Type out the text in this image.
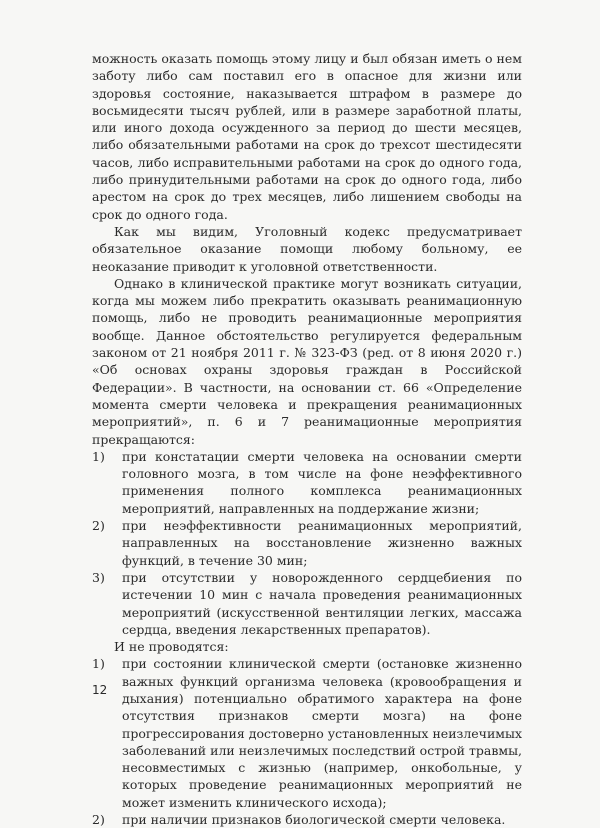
можность оказать помощь этому лицу и был обязан иметь о нем заботу либо сам поставил его в опасное для жизни или здоровья состояние, наказывается штрафом в размере до восьмидесяти тысяч рублей, или в размере заработной платы, или иного дохода осужденного за период до шести месяцев, либо обязательными работами на срок до трехсот шестидесяти часов, либо исправительными работами на срок до одного года, либо принудительными работами на срок до одного года, либо арестом на срок до трех месяцев, либо лишением свободы на срок до одного года.

Как мы видим, Уголовный кодекс предусматривает обязательное оказание помощи любому больному, ее неоказание приводит к уголовной ответственности.

Однако в клинической практике могут возникать ситуации, когда мы можем либо прекратить оказывать реанимационную помощь, либо не проводить реанимационные мероприятия вообще. Данное обстоятельство регулируется федеральным законом от 21 ноября 2011 г. № 323-ФЗ (ред. от 8 июня 2020 г.) «Об основах охраны здоровья граждан в Российской Федерации». В частности, на основании ст. 66 «Определение момента смерти человека и прекращения реанимационных мероприятий», п. 6 и 7 реанимационные мероприятия прекращаются:

1) при констатации смерти человека на основании смерти головного мозга, в том числе на фоне неэффективного применения полного комплекса реанимационных мероприятий, направленных на поддержание жизни;
2) при неэффективности реанимационных мероприятий, направленных на восстановление жизненно важных функций, в течение 30 мин;
3) при отсутствии у новорожденного сердцебиения по истечении 10 мин с начала проведения реанимационных мероприятий (искусственной вентиляции легких, массажа сердца, введения лекарственных препаратов).

И не проводятся:

1) при состоянии клинической смерти (остановке жизненно важных функций организма человека (кровообращения и дыхания) потенциально обратимого характера на фоне отсутствия признаков смерти мозга) на фоне прогрессирования достоверно установленных неизлечимых заболеваний или неизлечимых последствий острой травмы, несовместимых с жизнью (например, онкобольные, у которых проведение реанимационных мероприятий не может изменить клинического исхода);
2) при наличии признаков биологической смерти человека.
12
